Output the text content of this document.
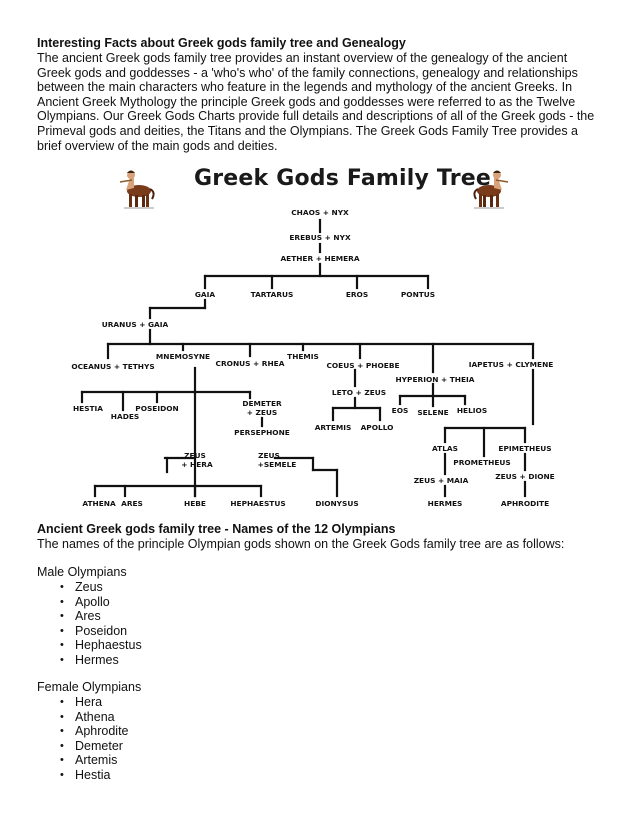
Interesting Facts about Greek gods family tree and Genealogy

The ancient Greek gods family tree provides an instant overview of the genealogy of the ancient Greek gods and goddesses - a 'who's who' of the family connections, genealogy and relationships between the main characters who feature in the legends and mythology of the ancient Greeks. In Ancient Greek Mythology the principle Greek gods and goddesses were referred to as the Twelve Olympians. Our Greek Gods Charts provide full details and descriptions of all of the Greek gods - the Primeval gods and deities, the Titans and the Olympians. The Greek Gods Family Tree provides a brief overview of the main gods and deities.

Greek Gods Family Tree
CHAOS + NYX
EREBUS + NYX
AETHER + HEMERA
GAIA	TARTARUS	EROS	PONTUS
URANUS + GAIA
OCEANUS + TETHYS
MNEMOSYNE
CRONUS + RHEA
THEMIS
COEUS + PHOEBE
HYPERION + THEIA
IAPETUS + CLYMENE
HESTIA
HADES
POSEIDON
DEMETER
+ ZEUS
PERSEPHONE
LETO + ZEUS
ARTEMIS APOLLO
EOS SELENE HELIOS
ATLAS	EPIMETHEUS
PROMETHEUS
ZEUS + MAIA	ZEUS + DIONE
ZEUS
+ HERA
ZEUS
+SEMELE
ATHENA ARES	HEBE	HEPHAESTUS	DIONYSUS	HERMES	APHRODITE

Ancient Greek gods family tree - Names of the 12 Olympians

The names of the principle Olympian gods shown on the Greek Gods family tree are as follows:

Male Olympians

• Zeus
• Apollo
• Ares
• Poseidon
• Hephaestus
• Hermes

Female Olympians

• Hera
• Athena
• Aphrodite
• Demeter
• Artemis
• Hestia
